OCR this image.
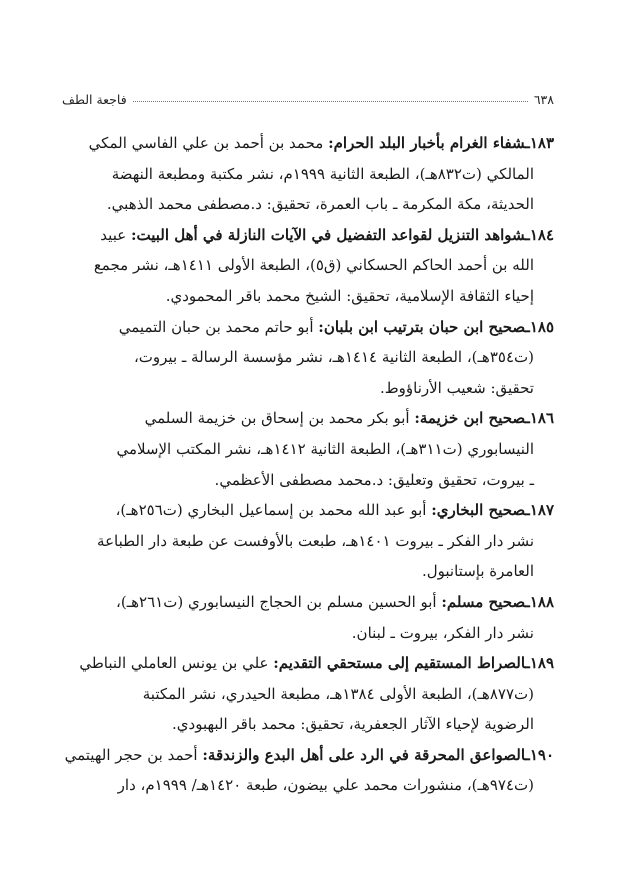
٦٣٨
فاجعة الطف

١٨٣ـشفاء الغرام بأخبار البلد الحرام: محمد بن أحمد بن علي الفاسي المكي
المالكي (ت٨٣٢هـ)، الطبعة الثانية ١٩٩٩م، نشر مكتبة ومطبعة النهضة
الحديثة، مكة المكرمة ـ باب العمرة، تحقيق: د.مصطفى محمد الذهبي.

١٨٤ـشواهد التنزيل لقواعد التفضيل في الآيات النازلة في أهل البيت: عبيد
الله بن أحمد الحاكم الحسكاني (ق٥)، الطبعة الأولى ١٤١١هـ، نشر مجمع
إحياء الثقافة الإسلامية، تحقيق: الشيخ محمد باقر المحمودي.

١٨٥ـصحيح ابن حبان بترتيب ابن بلبان: أبو حاتم محمد بن حبان التميمي
(ت٣٥٤هـ)، الطبعة الثانية ١٤١٤هـ، نشر مؤسسة الرسالة ـ بيروت،
تحقيق: شعيب الأرناؤوط.

١٨٦ـصحيح ابن خزيمة: أبو بكر محمد بن إسحاق بن خزيمة السلمي
النيسابوري (ت٣١١هـ)، الطبعة الثانية ١٤١٢هـ، نشر المكتب الإسلامي
ـ بيروت، تحقيق وتعليق: د.محمد مصطفى الأعظمي.

١٨٧ـصحيح البخاري: أبو عبد الله محمد بن إسماعيل البخاري (ت٢٥٦هـ)،
نشر دار الفكر ـ بيروت ١٤٠١هـ، طبعت بالأوفست عن طبعة دار الطباعة
العامرة بإستانبول.

١٨٨ـصحيح مسلم: أبو الحسين مسلم بن الحجاج النيسابوري (ت٢٦١هـ)،
نشر دار الفكر، بيروت ـ لبنان.

١٨٩ـالصراط المستقيم إلى مستحقي التقديم: علي بن يونس العاملي النباطي
(ت٨٧٧هـ)، الطبعة الأولى ١٣٨٤هـ، مطبعة الحيدري، نشر المكتبة
الرضوية لإحياء الآثار الجعفرية، تحقيق: محمد باقر البهبودي.

١٩٠ـالصواعق المحرقة في الرد على أهل البدع والزندقة: أحمد بن حجر الهيتمي
(ت٩٧٤هـ)، منشورات محمد علي بيضون، طبعة ١٤٢٠هـ/ ١٩٩٩م، دار
